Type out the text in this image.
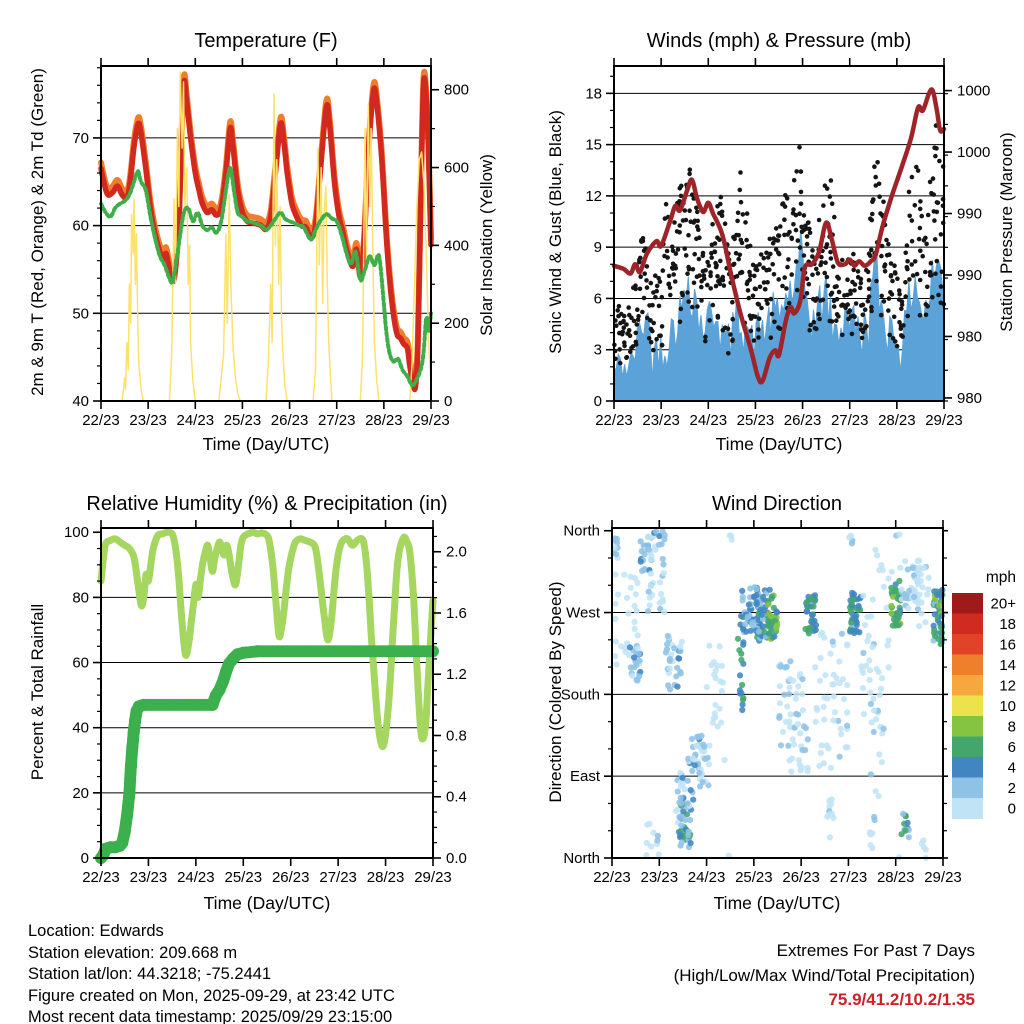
22/23 23/23 24/23 25/23 26/23 27/23 28/23 29/23
40
50
60
70
0
200
400
600
800
22/23 23/23 24/23 25/23 26/23 27/23 28/23 29/23
0
3
6
9
12
15
18
980
980
990
990
1000
1000
22/23 23/23 24/23 25/23 26/23 27/23 28/23 29/23
0
20
40
60
80
100
0.0
0.4
0.8
1.2
1.6
2.0
22/23 23/23 24/23 25/23 26/23 27/23 28/23 29/23
North
West
South
East
North
20+
18
16
14
12
10
8
6
4
2
0
Temperature (F)	Winds (mph) & Pressure (mb)
Relative Humidity (%) & Precipitation (in)	Wind Direction
Time (Day/UTC)	Time (Day/UTC)
Time (Day/UTC)	Time (Day/UTC)
2m & 9m T (Red, Orange) & 2m Td (Green)	Solar Insolation (Yellow)	Sonic Wind & Gust (Blue, Black)	Station Pressure (Maroon)
Percent & Total Rainfall	Direction (Colored By Speed)
mph
Location: Edwards
Station elevation: 209.668 m
Station lat/lon: 44.3218; -75.2441
Figure created on Mon, 2025-09-29, at 23:42 UTC
Most recent data timestamp: 2025/09/29 23:15:00
Extremes For Past 7 Days
(High/Low/Max Wind/Total Precipitation)
75.9/41.2/10.2/1.35
